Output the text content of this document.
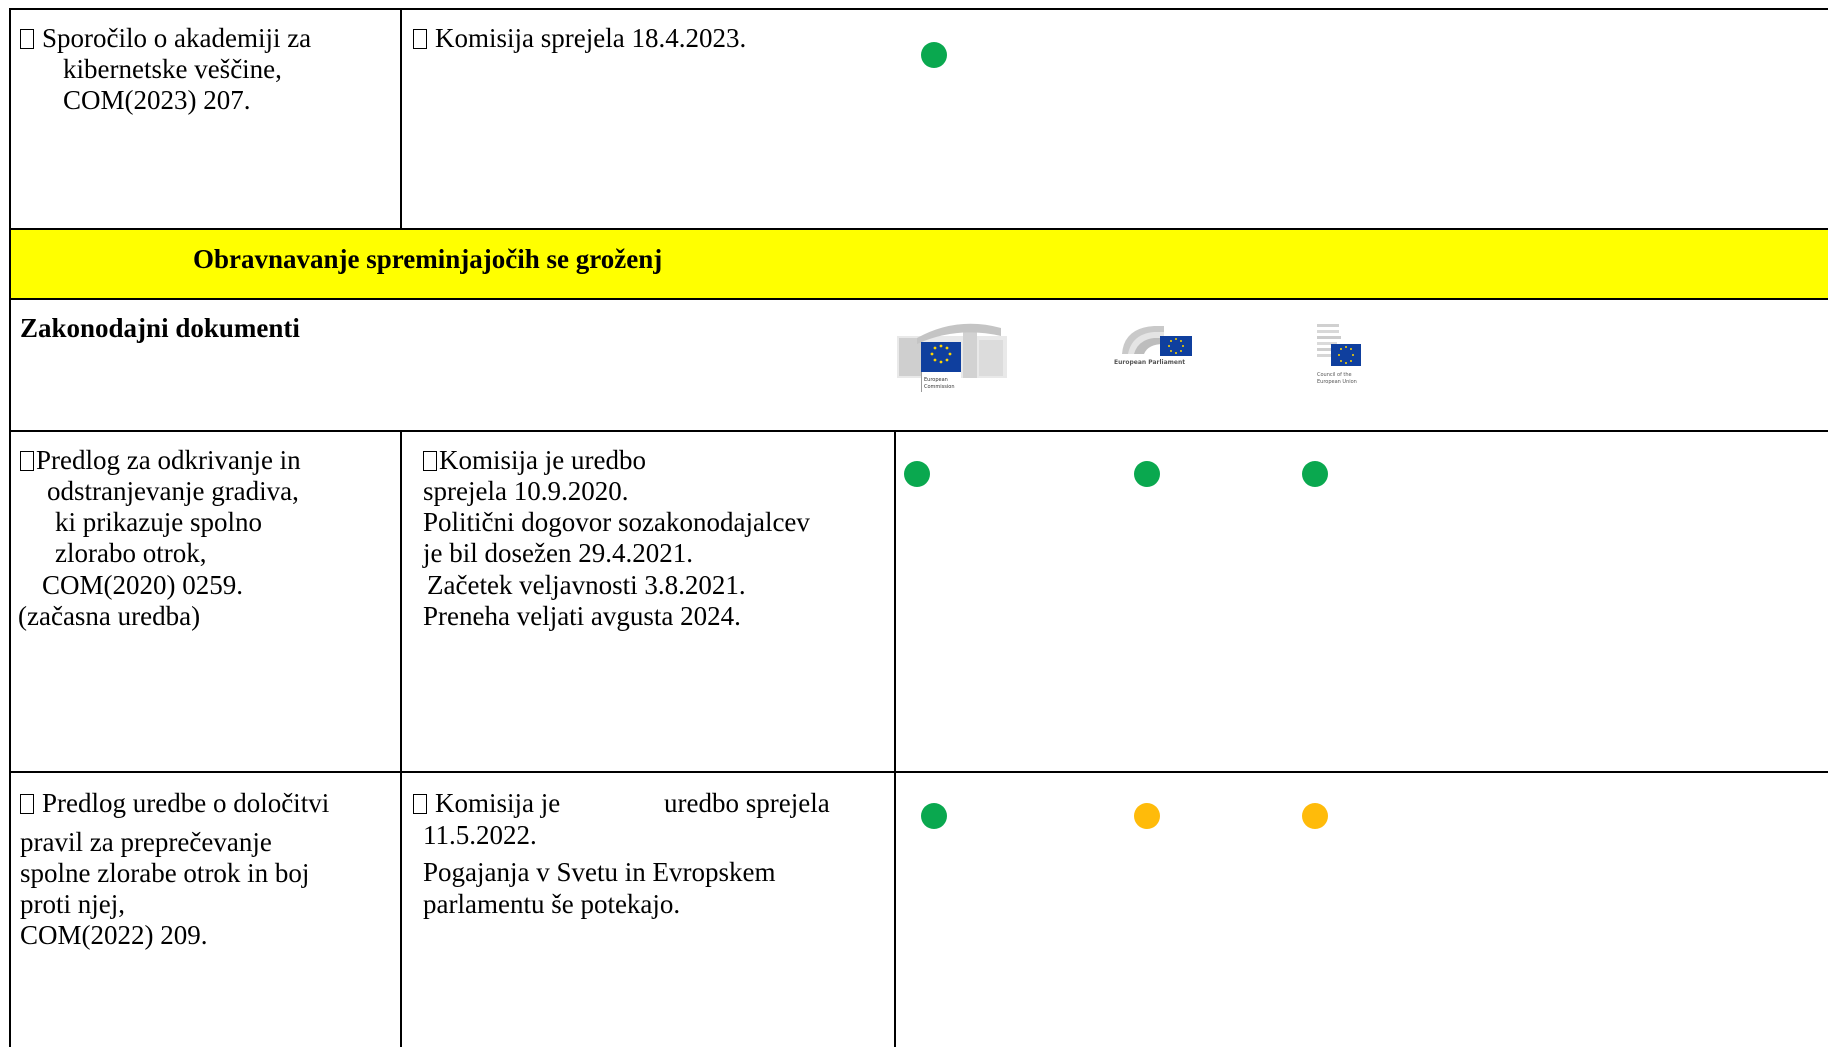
Sporočilo o akademiji za
kibernetske veščine,
COM(2023) 207.
Komisija sprejela 18.4.2023.
Obravnavanje spreminjajočih se groženj
Zakonodajni dokumenti
European
Commission
European Parliament
Council of the
European Union
Predlog za odkrivanje in
odstranjevanje gradiva,
ki prikazuje spolno
zlorabo otrok,
COM(2020) 0259.
(začasna uredba)
Komisija je uredbo
sprejela 10.9.2020.
Politični dogovor sozakonodajalcev
je bil dosežen 29.4.2021.
Začetek veljavnosti 3.8.2021.
Preneha veljati avgusta 2024.
Predlog uredbe o določitvi
pravil za preprečevanje
spolne zlorabe otrok in boj
proti njej,
COM(2022) 209.
Komisija je	uredbo sprejela
11.5.2022.
Pogajanja v Svetu in Evropskem
parlamentu še potekajo.
